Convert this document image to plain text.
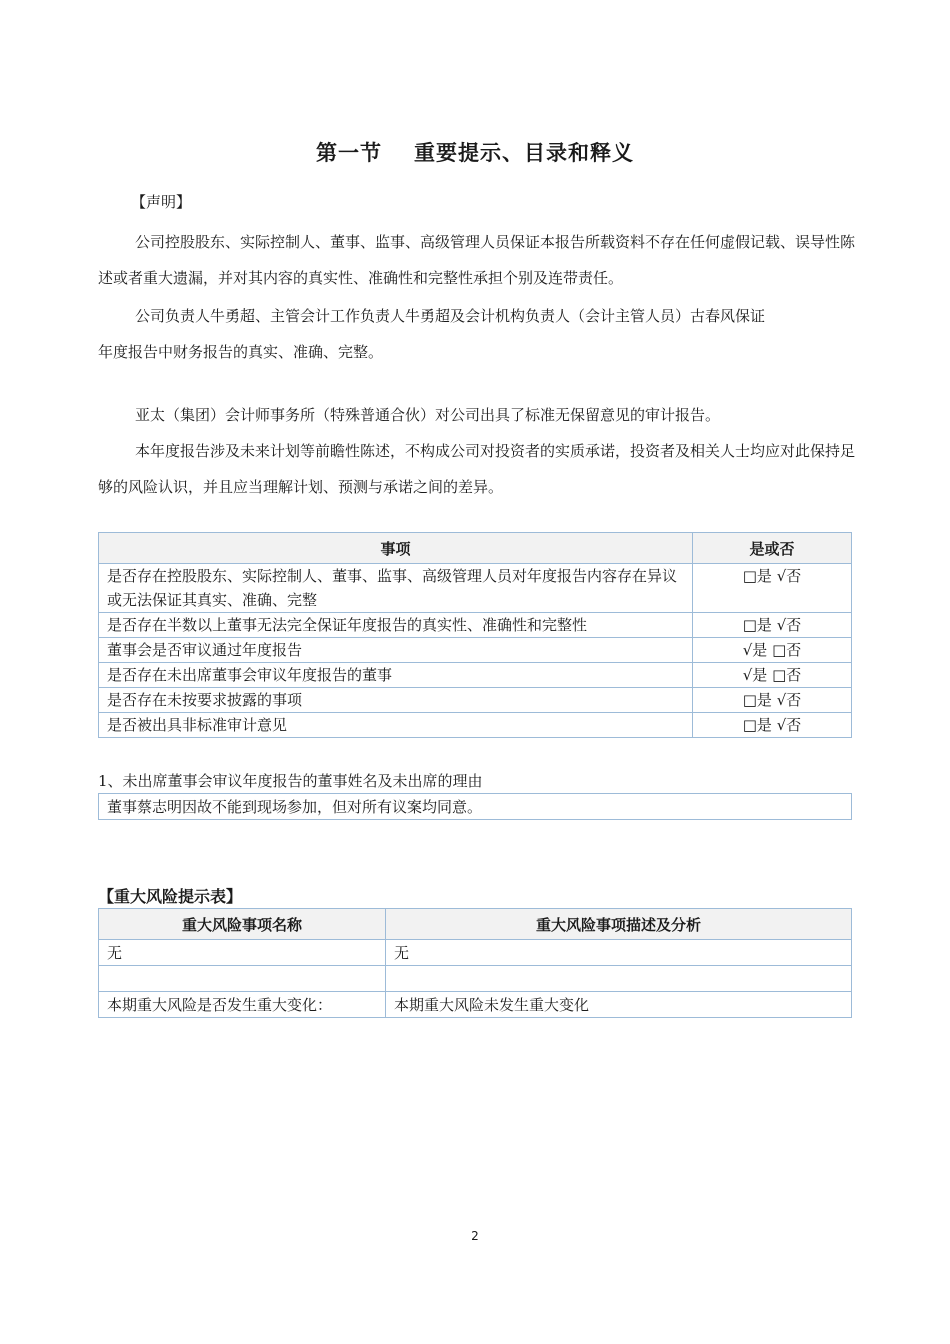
第一节 重要提示、目录和释义
【声明】
公司控股股东、实际控制人、董事、监事、高级管理人员保证本报告所载资料不存在任何虚假记载、误导性陈述或者重大遗漏，并对其内容的真实性、准确性和完整性承担个别及连带责任。
公司负责人牛勇超、主管会计工作负责人牛勇超及会计机构负责人（会计主管人员）古春风保证
年度报告中财务报告的真实、准确、完整。
亚太（集团）会计师事务所（特殊普通合伙）对公司出具了标准无保留意见的审计报告。
本年度报告涉及未来计划等前瞻性陈述，不构成公司对投资者的实质承诺，投资者及相关人士均应对此保持足够的风险认识，并且应当理解计划、预测与承诺之间的差异。
事项	是或否
是否存在控股股东、实际控制人、董事、监事、高级管理人员对年度报告内容存在异议或无法保证其真实、准确、完整	□是 √否
是否存在半数以上董事无法完全保证年度报告的真实性、准确性和完整性	□是 √否
董事会是否审议通过年度报告	√是 □否
是否存在未出席董事会审议年度报告的董事	√是 □否
是否存在未按要求披露的事项	□是 √否
是否被出具非标准审计意见	□是 √否
1、未出席董事会审议年度报告的董事姓名及未出席的理由
董事蔡志明因故不能到现场参加，但对所有议案均同意。
【重大风险提示表】
重大风险事项名称	重大风险事项描述及分析
无	无

本期重大风险是否发生重大变化：	本期重大风险未发生重大变化
2
